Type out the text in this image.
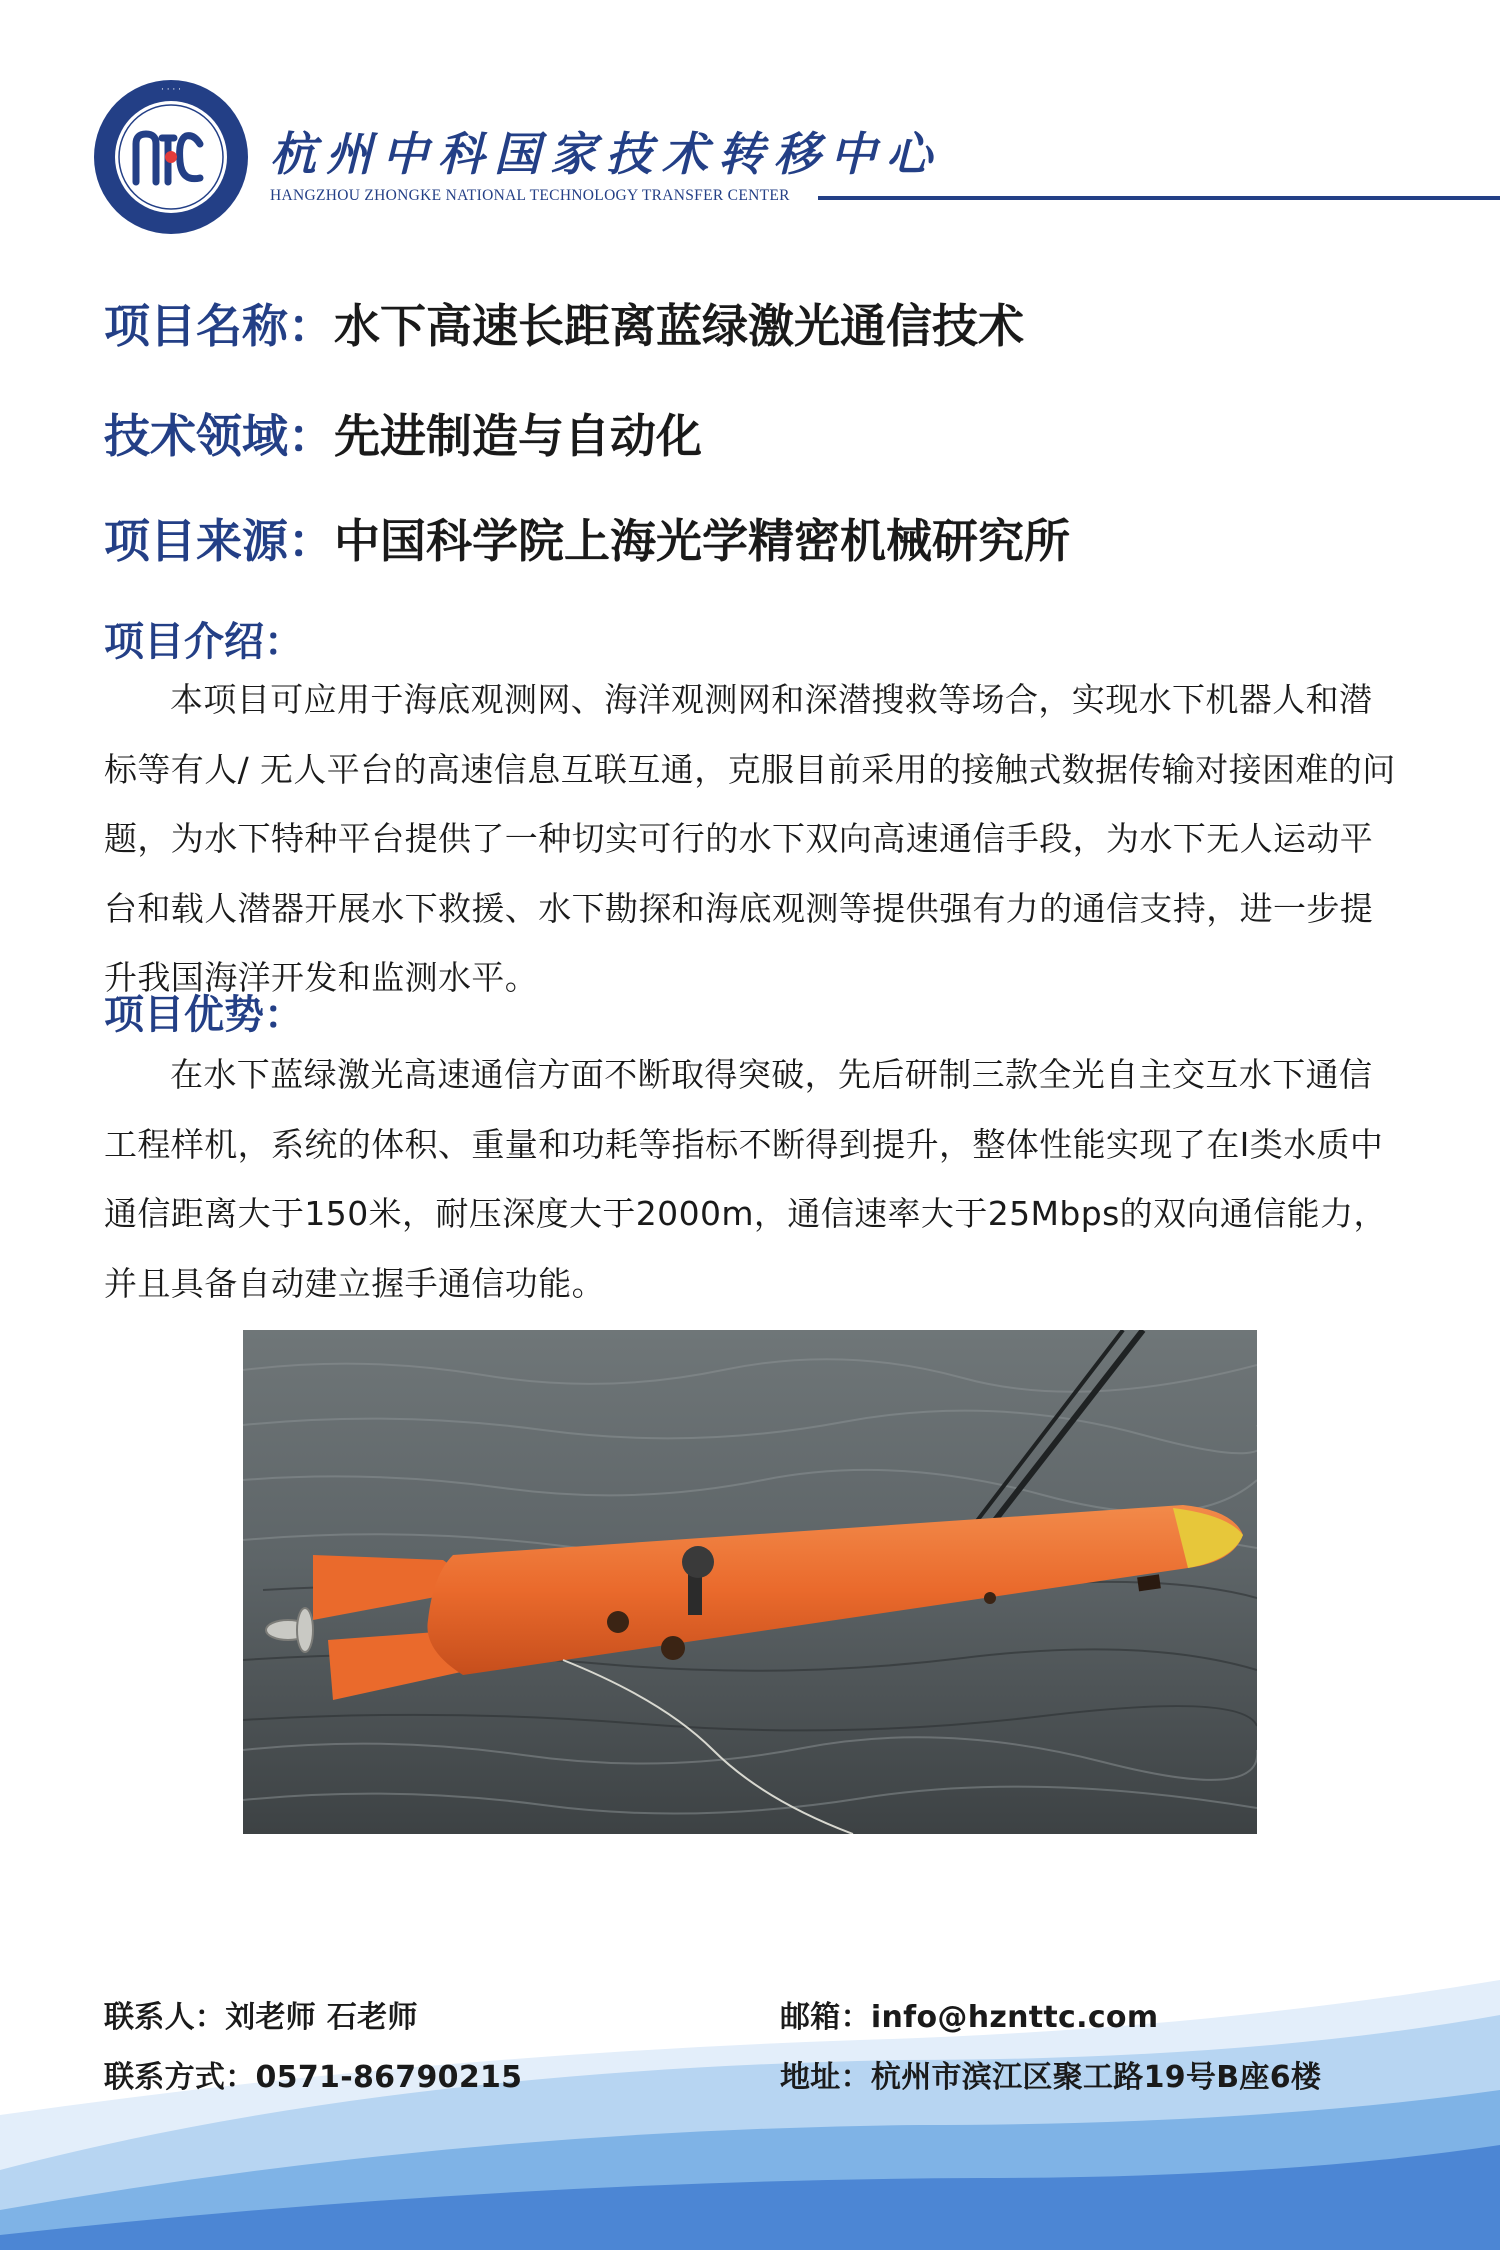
· · · ·
杭州中科国家技术转移中心
HANGZHOU ZHONGKE NATIONAL TECHNOLOGY TRANSFER CENTER
项目名称：水下高速长距离蓝绿激光通信技术
技术领域：先进制造与自动化
项目来源：中国科学院上海光学精密机械研究所
项目介绍：

本项目可应用于海底观测网、海洋观测网和深潜搜救等场合，实现水下机器人和潜标等有人/ 无人平台的高速信息互联互通，克服目前采用的接触式数据传输对接困难的问题，为水下特种平台提供了一种切实可行的水下双向高速通信手段，为水下无人运动平台和载人潜器开展水下救援、水下勘探和海底观测等提供强有力的通信支持，进一步提升我国海洋开发和监测水平。

项目优势：

在水下蓝绿激光高速通信方面不断取得突破，先后研制三款全光自主交互水下通信工程样机，系统的体积、重量和功耗等指标不断得到提升，整体性能实现了在I类水质中通信距离大于150米，耐压深度大于2000m，通信速率大于25Mbps的双向通信能力，并且具备自动建立握手通信功能。

联系人：刘老师 石老师
联系方式：0571-86790215
邮箱：info@hznttc.com
地址：杭州市滨江区聚工路19号B座6楼
